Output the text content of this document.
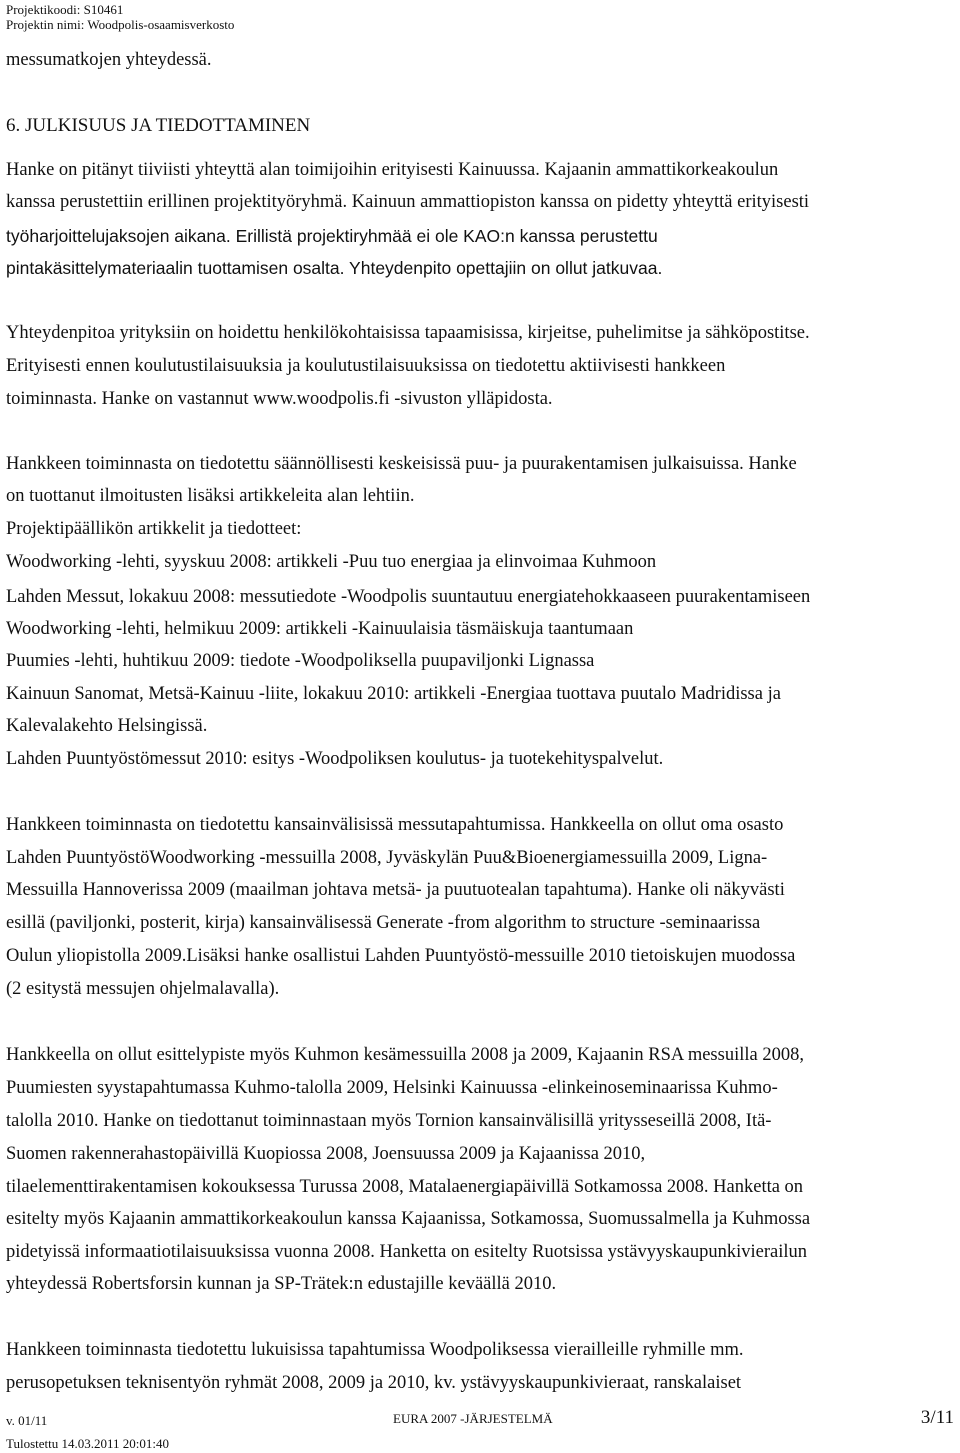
Projektikoodi: S10461
Projektin nimi: Woodpolis-osaamisverkosto
messumatkojen yhteydessä.
6. JULKISUUS JA TIEDOTTAMINEN
Hanke on pitänyt tiiviisti yhteyttä alan toimijoihin erityisesti Kainuussa. Kajaanin ammattikorkeakoulun
kanssa perustettiin erillinen projektityöryhmä. Kainuun ammattiopiston kanssa on pidetty yhteyttä erityisesti
työharjoittelujaksojen aikana. Erillistä projektiryhmää ei ole KAO:n kanssa perustettu
pintakäsittelymateriaalin tuottamisen osalta. Yhteydenpito opettajiin on ollut jatkuvaa.
Yhteydenpitoa yrityksiin on hoidettu henkilökohtaisissa tapaamisissa, kirjeitse, puhelimitse ja sähköpostitse.
Erityisesti ennen koulutustilaisuuksia ja koulutustilaisuuksissa on tiedotettu aktiivisesti hankkeen
toiminnasta. Hanke on vastannut www.woodpolis.fi -sivuston ylläpidosta.
Hankkeen toiminnasta on tiedotettu säännöllisesti keskeisissä puu- ja puurakentamisen julkaisuissa. Hanke
on tuottanut ilmoitusten lisäksi artikkeleita alan lehtiin.
Projektipäällikön artikkelit ja tiedotteet:
Woodworking -lehti, syyskuu 2008: artikkeli -Puu tuo energiaa ja elinvoimaa Kuhmoon
Lahden Messut, lokakuu 2008: messutiedote -Woodpolis suuntautuu energiatehokkaaseen puurakentamiseen
Woodworking -lehti, helmikuu 2009: artikkeli -Kainuulaisia täsmäiskuja taantumaan
Puumies -lehti, huhtikuu 2009: tiedote -Woodpoliksella puupaviljonki Lignassa
Kainuun Sanomat, Metsä-Kainuu -liite, lokakuu 2010: artikkeli -Energiaa tuottava puutalo Madridissa ja
Kalevalakehto Helsingissä.
Lahden Puuntyöstömessut 2010: esitys -Woodpoliksen koulutus- ja tuotekehityspalvelut.
Hankkeen toiminnasta on tiedotettu kansainvälisissä messutapahtumissa. Hankkeella on ollut oma osasto
Lahden PuuntyöstöWoodworking -messuilla 2008, Jyväskylän Puu&Bioenergiamessuilla 2009, Ligna-
Messuilla Hannoverissa 2009 (maailman johtava metsä- ja puutuotealan tapahtuma). Hanke oli näkyvästi
esillä (paviljonki, posterit, kirja) kansainvälisessä Generate -from algorithm to structure -seminaarissa
Oulun yliopistolla 2009.Lisäksi hanke osallistui Lahden Puuntyöstö-messuille 2010 tietoiskujen muodossa
(2 esitystä messujen ohjelmalavalla).
Hankkeella on ollut esittelypiste myös Kuhmon kesämessuilla 2008 ja 2009, Kajaanin RSA messuilla 2008,
Puumiesten syystapahtumassa Kuhmo-talolla 2009, Helsinki Kainuussa -elinkeinoseminaarissa Kuhmo-
talolla 2010. Hanke on tiedottanut toiminnastaan myös Tornion kansainvälisillä yritysseseillä 2008, Itä-
Suomen rakennerahastopäivillä Kuopiossa 2008, Joensuussa 2009 ja Kajaanissa 2010,
tilaelementtirakentamisen kokouksessa Turussa 2008, Matalaenergiapäivillä Sotkamossa 2008. Hanketta on
esitelty myös Kajaanin ammattikorkeakoulun kanssa Kajaanissa, Sotkamossa, Suomussalmella ja Kuhmossa
pidetyissä informaatiotilaisuuksissa vuonna 2008. Hanketta on esitelty Ruotsissa ystävyyskaupunkivierailun
yhteydessä Robertsforsin kunnan ja SP-Trätek:n edustajille keväällä 2010.
Hankkeen toiminnasta tiedotettu lukuisissa tapahtumissa Woodpoliksessa vierailleille ryhmille mm.
perusopetuksen teknisentyön ryhmät 2008, 2009 ja 2010, kv. ystävyyskaupunkivieraat, ranskalaiset
v. 01/11
Tulostettu 14.03.2011 20:01:40
EURA 2007 -JÄRJESTELMÄ	3/11
